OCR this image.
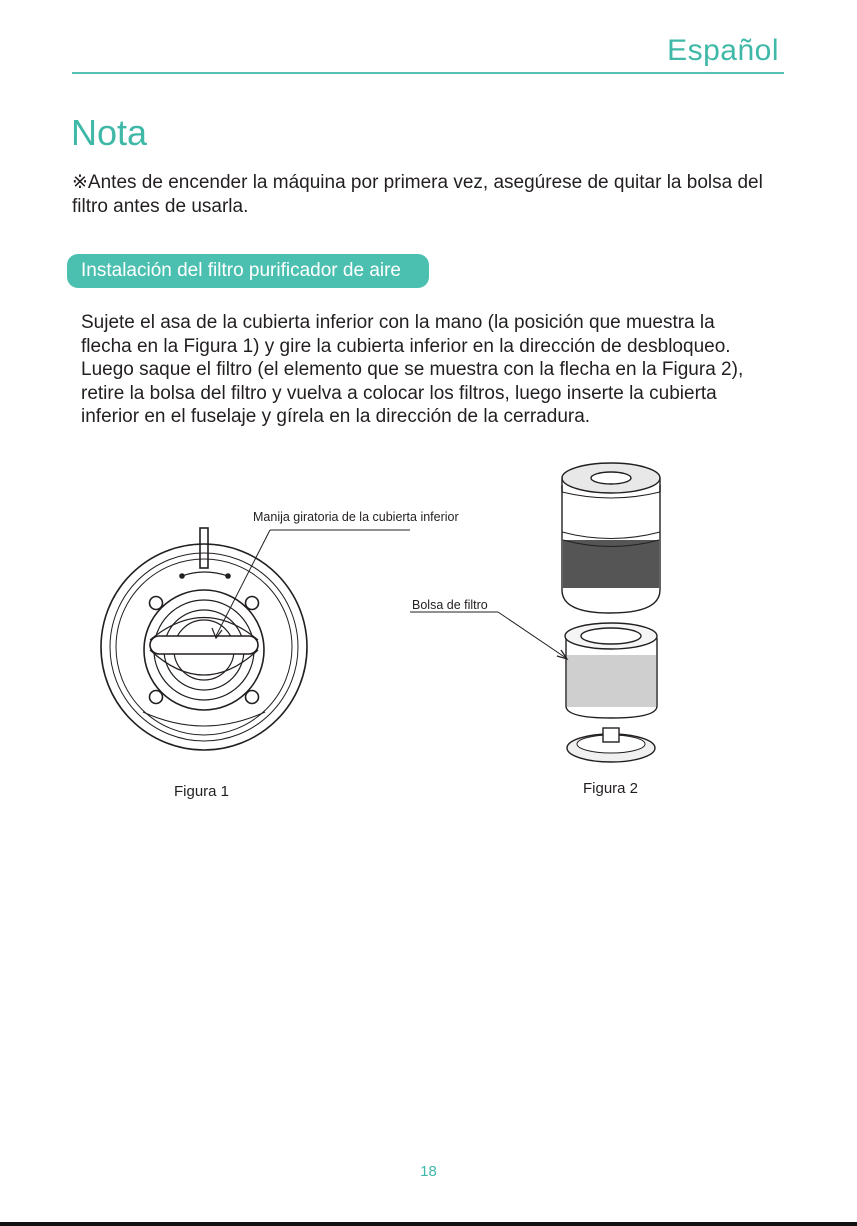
Español
Nota
※Antes de encender la máquina por primera vez, asegúrese de quitar la bolsa del filtro antes de usarla.
Instalación del filtro purificador de aire
Sujete el asa de la cubierta inferior con la mano (la posición que muestra la
flecha en la Figura 1) y gire la cubierta inferior en la dirección de desbloqueo.
Luego saque el filtro (el elemento que se muestra con la flecha en la Figura 2),
retire la bolsa del filtro y vuelva a colocar los filtros, luego inserte la cubierta
inferior en el fuselaje y gírela en la dirección de la cerradura.
Manija giratoria de la cubierta inferior
Figura 1
Bolsa de filtro
Figura 2
18
